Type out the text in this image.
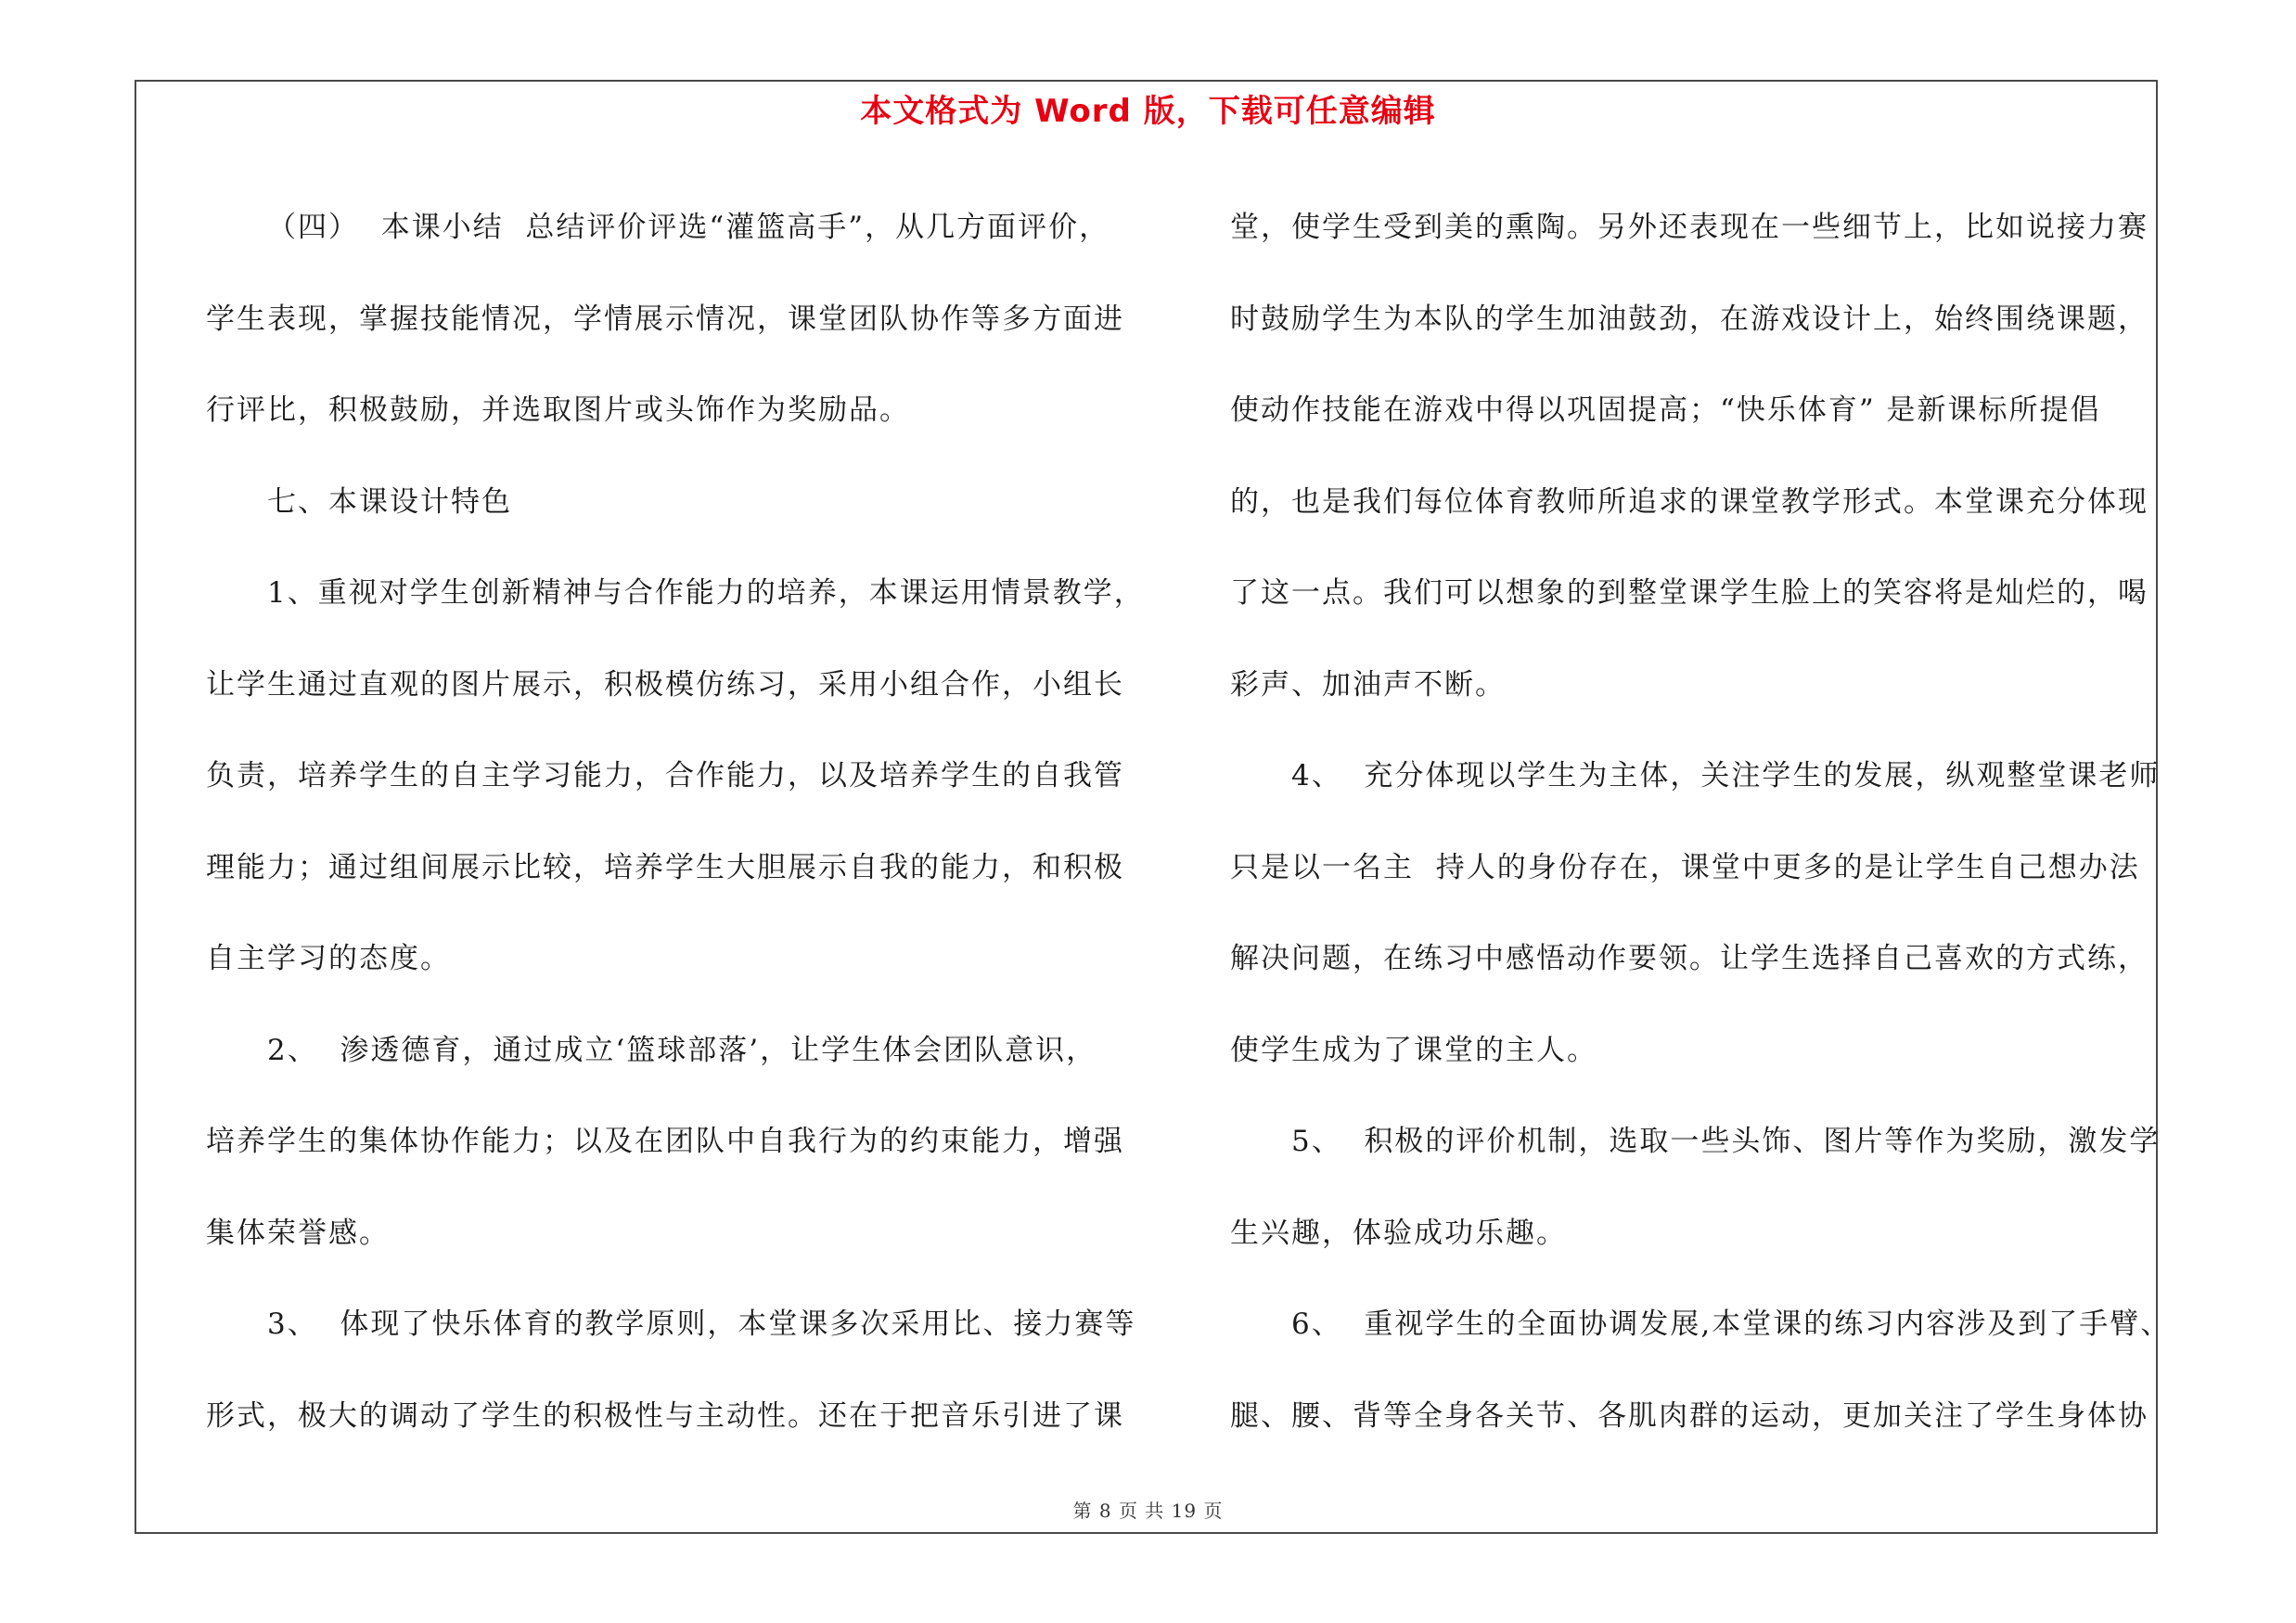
本文格式为 Word 版，下载可任意编辑
（四）  本课小结  总结评价评选“灌篮高手”，从几方面评价，
学生表现，掌握技能情况，学情展示情况，课堂团队协作等多方面进
行评比，积极鼓励，并选取图片或头饰作为奖励品。
七、本课设计特色
1、重视对学生创新精神与合作能力的培养，本课运用情景教学，
让学生通过直观的图片展示，积极模仿练习，采用小组合作，小组长
负责，培养学生的自主学习能力，合作能力，以及培养学生的自我管
理能力；通过组间展示比较，培养学生大胆展示自我的能力，和积极
自主学习的态度。
2、  渗透德育，通过成立‘篮球部落’，让学生体会团队意识，
培养学生的集体协作能力；以及在团队中自我行为的约束能力，增强
集体荣誉感。
3、  体现了快乐体育的教学原则，本堂课多次采用比、接力赛等
形式，极大的调动了学生的积极性与主动性。还在于把音乐引进了课
堂，使学生受到美的熏陶。另外还表现在一些细节上，比如说接力赛
时鼓励学生为本队的学生加油鼓劲，在游戏设计上，始终围绕课题，
使动作技能在游戏中得以巩固提高；“快乐体育” 是新课标所提倡
的，也是我们每位体育教师所追求的课堂教学形式。本堂课充分体现
了这一点。我们可以想象的到整堂课学生脸上的笑容将是灿烂的，喝
彩声、加油声不断。
4、  充分体现以学生为主体，关注学生的发展，纵观整堂课老师
只是以一名主  持人的身份存在，课堂中更多的是让学生自己想办法
解决问题，在练习中感悟动作要领。让学生选择自己喜欢的方式练，
使学生成为了课堂的主人。
5、  积极的评价机制，选取一些头饰、图片等作为奖励，激发学
生兴趣，体验成功乐趣。
6、  重视学生的全面协调发展,本堂课的练习内容涉及到了手臂、
腿、腰、背等全身各关节、各肌肉群的运动，更加关注了学生身体协
第 8 页 共 19 页
